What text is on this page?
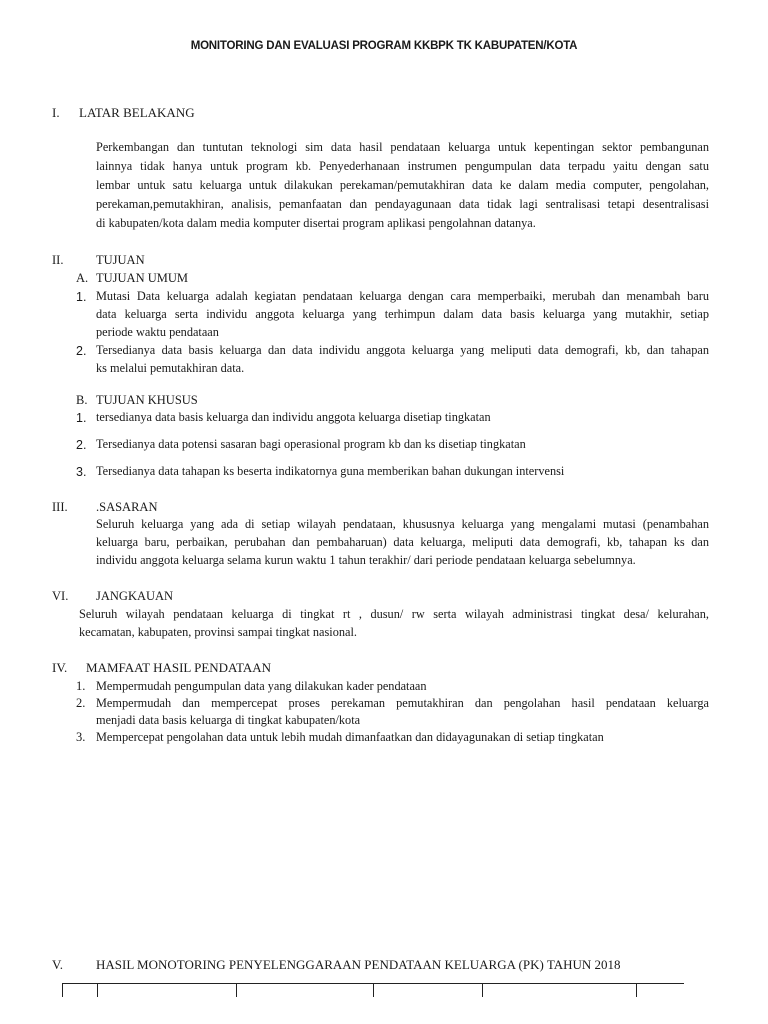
MONITORING DAN EVALUASI PROGRAM KKBPK TK KABUPATEN/KOTA
I. LATAR BELAKANG
Perkembangan dan tuntutan teknologi sim data hasil pendataan keluarga untuk kepentingan sektor pembangunan
lainnya tidak hanya untuk program kb. Penyederhanaan instrumen pengumpulan data terpadu yaitu dengan satu
lembar untuk satu keluarga untuk dilakukan perekaman/pemutakhiran data ke dalam media computer, pengolahan,
perekaman,pemutakhiran, analisis, pemanfaatan dan pendayagunaan data tidak lagi sentralisasi tetapi desentralisasi
di kabupaten/kota dalam media komputer disertai program aplikasi pengolahnan datanya.
II.	TUJUAN
A. TUJUAN UMUM
1. Mutasi Data keluarga adalah kegiatan pendataan keluarga dengan cara memperbaiki, merubah dan menambah baru
data keluarga serta individu anggota keluarga yang terhimpun dalam data basis keluarga yang mutakhir, setiap
periode waktu pendataan
2. Tersedianya data basis keluarga dan data individu anggota keluarga yang meliputi data demografi, kb, dan tahapan
ks melalui pemutakhiran data.
B. TUJUAN KHUSUS
1. tersedianya data basis keluarga dan individu anggota keluarga disetiap tingkatan
2. Tersedianya data potensi sasaran bagi operasional program kb dan ks disetiap tingkatan
3. Tersedianya data tahapan ks beserta indikatornya guna memberikan bahan dukungan intervensi
III. .SASARAN
Seluruh keluarga yang ada di setiap wilayah pendataan, khususnya keluarga yang mengalami mutasi (penambahan
keluarga baru, perbaikan, perubahan dan pembaharuan) data keluarga, meliputi data demografi, kb, tahapan ks dan
individu anggota keluarga selama kurun waktu 1 tahun terakhir/ dari periode pendataan keluarga sebelumnya.
VI. JANGKAUAN
Seluruh wilayah pendataan keluarga di tingkat rt , dusun/ rw serta wilayah administrasi tingkat desa/ kelurahan,
kecamatan, kabupaten, provinsi sampai tingkat nasional.
IV. MAMFAAT HASIL PENDATAAN
1. Mempermudah pengumpulan data yang dilakukan kader pendataan
2. Mempermudah dan mempercepat proses perekaman pemutakhiran dan pengolahan hasil pendataan keluarga
menjadi data basis keluarga di tingkat kabupaten/kota
3. Mempercepat pengolahan data untuk lebih mudah dimanfaatkan dan didayagunakan di setiap tingkatan
V.	HASIL MONOTORING PENYELENGGARAAN PENDATAAN KELUARGA (PK) TAHUN 2018
